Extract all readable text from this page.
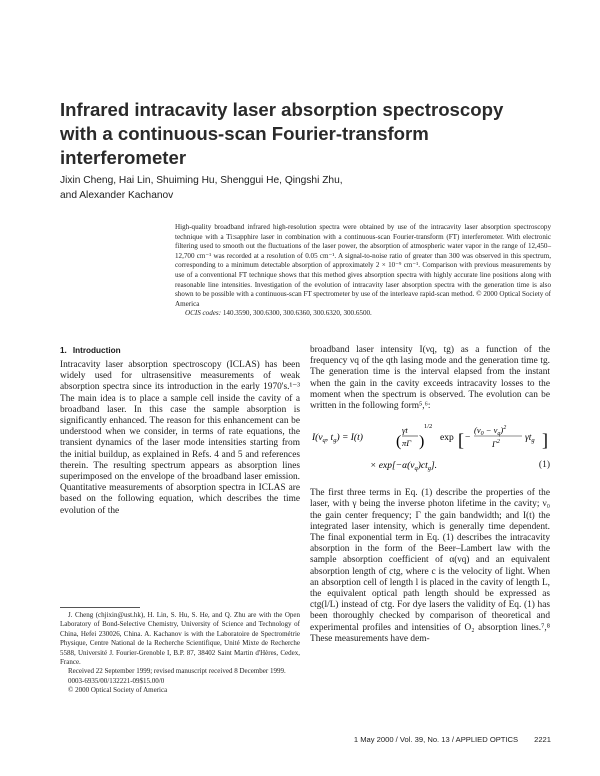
Infrared intracavity laser absorption spectroscopy
with a continuous-scan Fourier-transform interferometer
Jixin Cheng, Hai Lin, Shuiming Hu, Shenggui He, Qingshi Zhu,
and Alexander Kachanov

High-quality broadband infrared high-resolution spectra were obtained by use of the intracavity laser absorption spectroscopy technique with a Ti:sapphire laser in combination with a continuous-scan Fourier-transform (FT) interferometer. With electronic filtering used to smooth out the fluctuations of the laser power, the absorption of atmospheric water vapor in the range of 12,450–12,700 cm⁻¹ was recorded at a resolution of 0.05 cm⁻¹. A signal-to-noise ratio of greater than 300 was observed in this spectrum, corresponding to a minimum detectable absorption of approximately 2 × 10⁻⁹ cm⁻¹. Comparison with previous measurements by use of a conventional FT technique shows that this method gives absorption spectra with highly accurate line positions along with reasonable line intensities. Investigation of the evolution of intracavity laser absorption spectra with the generation time is also shown to be possible with a continuous-scan FT spectrometer by use of the interleave rapid-scan method. © 2000 Optical Society of America

OCIS codes: 140.3590, 300.6300, 300.6360, 300.6320, 300.6500.

1. Introduction

Intracavity laser absorption spectroscopy (ICLAS) has been widely used for ultrasensitive measurements of weak absorption spectra since its introduction in the early 1970's.¹⁻³ The main idea is to place a sample cell inside the cavity of a broadband laser. In this case the sample absorption is significantly enhanced. The reason for this enhancement can be understood when we consider, in terms of rate equations, the transient dynamics of the laser mode intensities starting from the initial buildup, as explained in Refs. 4 and 5 and references therein. The resulting spectrum appears as absorption lines superimposed on the envelope of the broadband laser emission. Quantitative measurements of absorption spectra in ICLAS are based on the following equation, which describes the time evolution of the

broadband laser intensity I(νq, tg) as a function of the frequency νq of the qth lasing mode and the generation time tg. The generation time is the interval elapsed from the instant when the gain in the cavity exceeds intracavity losses to the moment when the spectrum is observed. The evolution can be written in the following form⁵,⁶:

$I(\nu_q$, $t_g) = I(t)$ (
γt
πΓ )
1/2
exp [ −
$(\nu_0 - \nu_q)^2$
$\Gamma^2$	$\gamma t_g$ ]
× $\exp[-\alpha(\nu_q)ct_g]$.	(1)

The first three terms in Eq. (1) describe the properties of the laser, with γ being the inverse photon lifetime in the cavity; ν₀ the gain center frequency; Γ the gain bandwidth; and I(t) the integrated laser intensity, which is generally time dependent. The final exponential term in Eq. (1) describes the intracavity absorption in the form of the Beer–Lambert law with the sample absorption coefficient of α(νq) and an equivalent absorption length of ctg, where c is the velocity of light. When an absorption cell of length l is placed in the cavity of length L, the equivalent optical path length should be expressed as ctg(l/L) instead of ctg. For dye lasers the validity of Eq. (1) has been thoroughly checked by comparison of theoretical and experimental profiles and intensities of O₂ absorption lines.⁷,⁸ These measurements have dem-

J. Cheng (chjixin@ust.hk), H. Lin, S. Hu, S. He, and Q. Zhu are with the Open Laboratory of Bond-Selective Chemistry, University of Science and Technology of China, Hefei 230026, China. A. Kachanov is with the Laboratoire de Spectrométrie Physique, Centre National de la Recherche Scientifique, Unité Mixte de Recherche 5588, Université J. Fourier-Grenoble I, B.P. 87, 38402 Saint Martin d'Hères, Cedex, France.

Received 22 September 1999; revised manuscript received 8 December 1999.

0003-6935/00/132221-09$15.00/0

© 2000 Optical Society of America

1 May 2000 / Vol. 39, No. 13 / APPLIED OPTICS 2221
